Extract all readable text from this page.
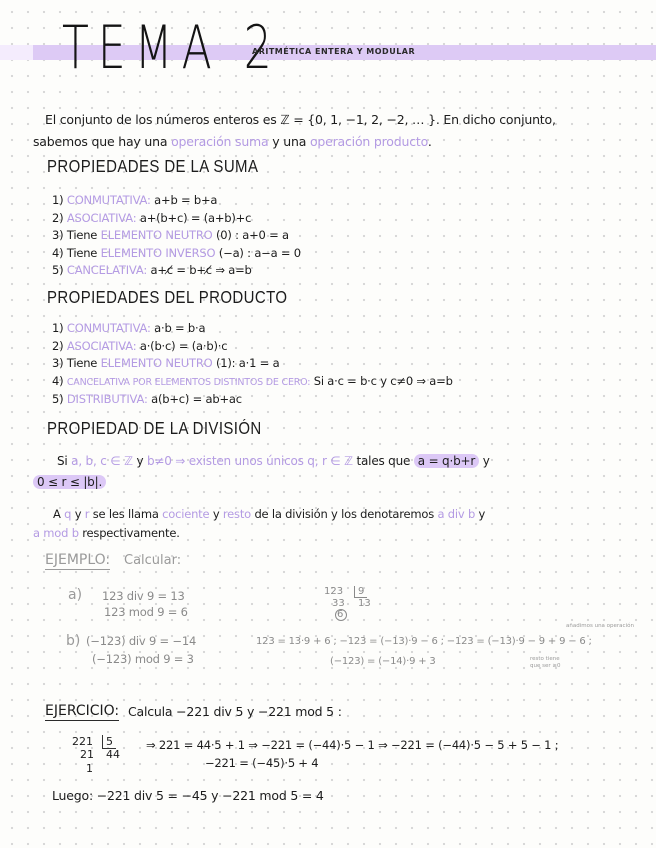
TEMA 2
ARITMÉTICA ENTERA Y MODULAR
El conjunto de los números enteros es ℤ = {0, 1, −1, 2, −2, … }. En dicho conjunto,
sabemos que hay una operación suma y una operación producto.
PROPIEDADES DE LA SUMA
1) CONMUTATIVA: a+b = b+a
2) ASOCIATIVA: a+(b+c) = (a+b)+c
3) Tiene ELEMENTO NEUTRO (0) : a+0 = a
4) Tiene ELEMENTO INVERSO (−a) : a−a = 0
5) CANCELATIVA: a+c̸ = b+c̸ ⇒ a=b
PROPIEDADES DEL PRODUCTO
1) CONMUTATIVA: a·b = b·a
2) ASOCIATIVA: a·(b·c) = (a·b)·c
3) Tiene ELEMENTO NEUTRO (1): a·1 = a
4) CANCELATIVA POR ELEMENTOS DISTINTOS DE CERO: Si a·c = b·c y c≠0 ⇒ a=b
5) DISTRIBUTIVA: a(b+c) = ab+ac
PROPIEDAD DE LA DIVISIÓN
Si a, b, c ∈ ℤ y b≠0 ⇒ existen unos únicos q, r ∈ ℤ tales que a = q·b+r y
0 ≤ r ≤ |b|.
A q y r se les llama cociente y resto de la división y los denotaremos a div b y
a mod b respectivamente.
EJEMPLO: Calcular:
a) 123 div 9 = 13
123 mod 9 = 6
123	9
33 13
6
b) (−123) div 9 = −14
(−123) mod 9 = 3
123 = 13·9 + 6 ; −123 = (−13)·9 − 6 ; −123 = (−13)·9 − 9 + 9 − 6 ;
(−123) = (−14)·9 + 3
añadimos una operación
resto tiene
que ser ≥0
EJERCICIO: Calcula −221 div 5 y −221 mod 5 :
221	5
21 44
1
⇒ 221 = 44·5 + 1 ⇒ −221 = (−44)·5 − 1 ⇒ −221 = (−44)·5 − 5 + 5 − 1 ;
−221 = (−45)·5 + 4
Luego: −221 div 5 = −45 y −221 mod 5 = 4
